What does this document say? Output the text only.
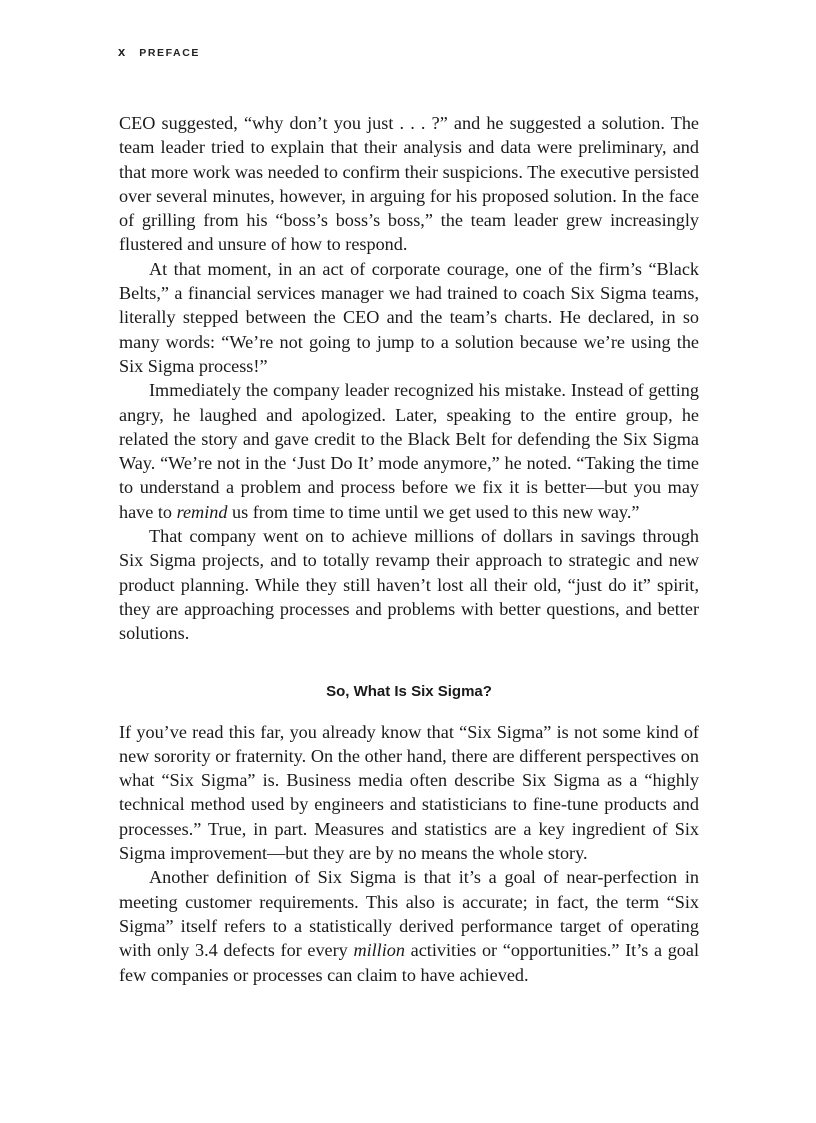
x PREFACE

CEO suggested, “why don’t you just . . . ?” and he suggested a solution. The team leader tried to explain that their analysis and data were preliminary, and that more work was needed to confirm their suspicions. The executive persisted over several minutes, however, in arguing for his proposed solution. In the face of grilling from his “boss’s boss’s boss,” the team leader grew increasingly flustered and unsure of how to respond.

At that moment, in an act of corporate courage, one of the firm’s “Black Belts,” a financial services manager we had trained to coach Six Sigma teams, literally stepped between the CEO and the team’s charts. He declared, in so many words: “We’re not going to jump to a solution because we’re using the Six Sigma process!”

Immediately the company leader recognized his mistake. Instead of getting angry, he laughed and apologized. Later, speaking to the entire group, he related the story and gave credit to the Black Belt for defending the Six Sigma Way. “We’re not in the ‘Just Do It’ mode anymore,” he noted. “Taking the time to understand a problem and process before we fix it is better—but you may have to remind us from time to time until we get used to this new way.”

That company went on to achieve millions of dollars in savings through Six Sigma projects, and to totally revamp their approach to strategic and new product planning. While they still haven’t lost all their old, “just do it” spirit, they are approaching processes and problems with better questions, and better solutions.

So, What Is Six Sigma?

If you’ve read this far, you already know that “Six Sigma” is not some kind of new sorority or fraternity. On the other hand, there are different perspectives on what “Six Sigma” is. Business media often describe Six Sigma as a “highly technical method used by engineers and statisticians to fine-tune products and processes.” True, in part. Measures and statistics are a key ingredient of Six Sigma improvement—but they are by no means the whole story.

Another definition of Six Sigma is that it’s a goal of near-perfection in meeting customer requirements. This also is accurate; in fact, the term “Six Sigma” itself refers to a statistically derived performance target of operating with only 3.4 defects for every million activities or “opportunities.” It’s a goal few companies or processes can claim to have achieved.
